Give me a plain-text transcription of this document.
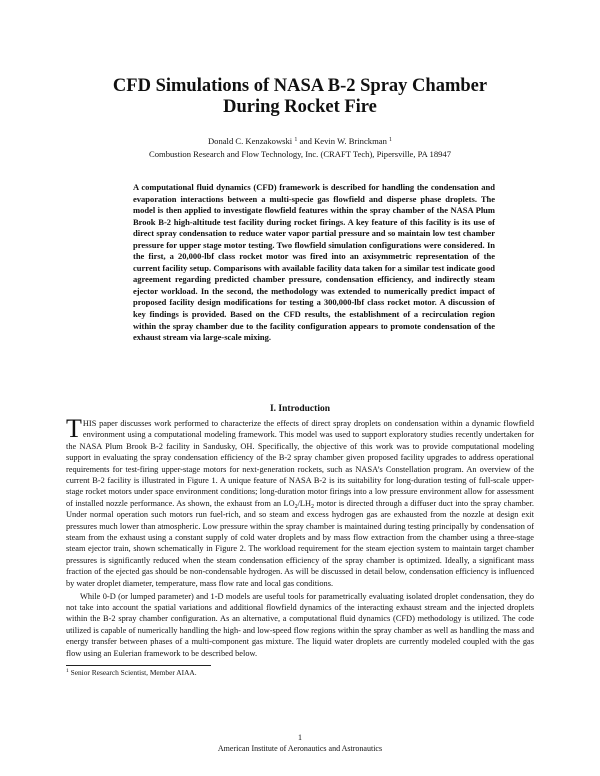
CFD Simulations of NASA B-2 Spray Chamber
During Rocket Fire
Donald C. Kenzakowski $^1$ and Kevin W. Brinckman $^1$
Combustion Research and Flow Technology, Inc. (CRAFT Tech), Pipersville, PA 18947
A computational fluid dynamics (CFD) framework is described for handling the condensation and evaporation interactions between a multi-specie gas flowfield and disperse phase droplets. The model is then applied to investigate flowfield features within the spray chamber of the NASA Plum Brook B-2 high-altitude test facility during rocket firings. A key feature of this facility is its use of direct spray condensation to reduce water vapor partial pressure and so maintain low test chamber pressure for upper stage motor testing. Two flowfield simulation configurations were considered. In the first, a 20,000-lbf class rocket motor was fired into an axisymmetric representation of the current facility setup. Comparisons with available facility data taken for a similar test indicate good agreement regarding predicted chamber pressure, condensation efficiency, and indirectly steam ejector workload. In the second, the methodology was extended to numerically predict impact of proposed facility design modifications for testing a 300,000-lbf class rocket motor. A discussion of key findings is provided. Based on the CFD results, the establishment of a recirculation region within the spray chamber due to the facility configuration appears to promote condensation of the exhaust stream via large-scale mixing.
I. Introduction

THIS paper discusses work performed to characterize the effects of direct spray droplets on condensation within a dynamic flowfield environment using a computational modeling framework. This model was used to support exploratory studies recently undertaken for the NASA Plum Brook B-2 facility in Sandusky, OH. Specifically, the objective of this work was to provide computational modeling support in evaluating the spray condensation efficiency of the B-2 spray chamber given proposed facility upgrades to address operational requirements for test-firing upper-stage motors for next-generation rockets, such as NASA’s Constellation program. An overview of the current B-2 facility is illustrated in Figure 1. A unique feature of NASA B-2 is its suitability for long-duration testing of full-scale upper-stage rocket motors under space environment conditions; long-duration motor firings into a low pressure environment allow for assessment of installed nozzle performance. As shown, the exhaust from an $LO_2/LH_2$ motor is directed through a diffuser duct into the spray chamber. Under normal operation such motors run fuel-rich, and so steam and excess hydrogen gas are exhausted from the nozzle at design exit pressures much lower than atmospheric. Low pressure within the spray chamber is maintained during testing principally by condensation of steam from the exhaust using a constant supply of cold water droplets and by mass flow extraction from the chamber using a three-stage steam ejector train, shown schematically in Figure 2. The workload requirement for the steam ejection system to maintain target chamber pressures is significantly reduced when the steam condensation efficiency of the spray chamber is optimized. Ideally, a significant mass fraction of the ejected gas should be non-condensable hydrogen. As will be discussed in detail below, condensation efficiency is influenced by water droplet diameter, temperature, mass flow rate and local gas conditions.

While 0-D (or lumped parameter) and 1-D models are useful tools for parametrically evaluating isolated droplet condensation, they do not take into account the spatial variations and additional flowfield dynamics of the interacting exhaust stream and the injected droplets within the B-2 spray chamber configuration. As an alternative, a computational fluid dynamics (CFD) methodology is utilized. The code utilized is capable of numerically handling the high- and low-speed flow regions within the spray chamber as well as handling the mass and energy transfer between phases of a multi-component gas mixture. The liquid water droplets are currently modeled coupled with the gas flow using an Eulerian framework to be described below.

$^1$ Senior Research Scientist, Member AIAA.
1
American Institute of Aeronautics and Astronautics
